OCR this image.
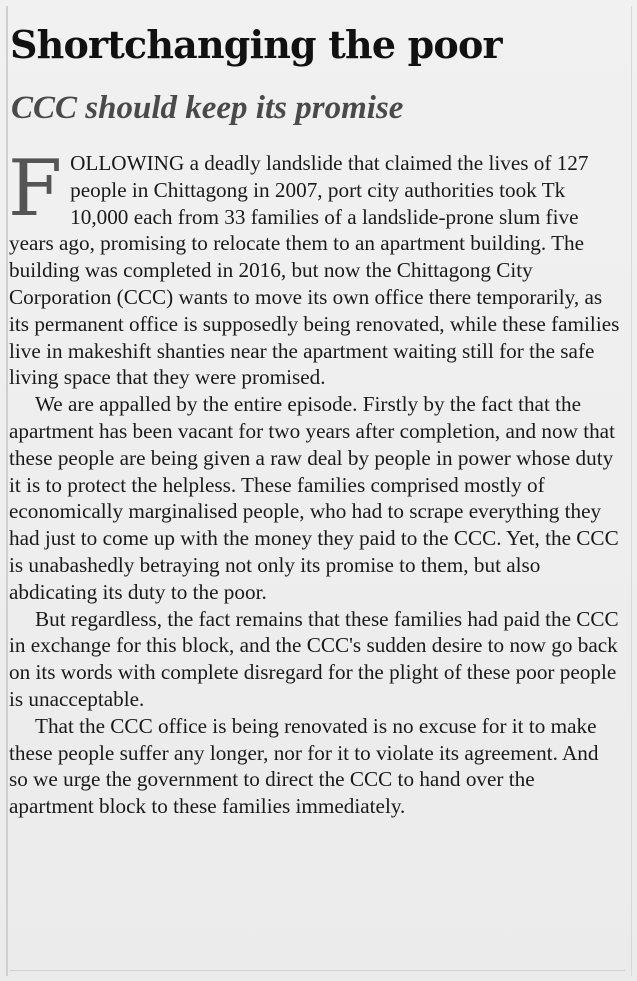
Shortchanging the poor
CCC should keep its promise

FOLLOWING a deadly landslide that claimed the lives of 127 people in Chittagong in 2007, port city authorities took Tk 10,000 each from 33 families of a landslide-prone slum five years ago, promising to relocate them to an apartment building. The building was completed in 2016, but now the Chittagong City Corporation (CCC) wants to move its own office there temporarily, as its permanent office is supposedly being renovated, while these families live in makeshift shanties near the apartment waiting still for the safe living space that they were promised.

We are appalled by the entire episode. Firstly by the fact that the apartment has been vacant for two years after completion, and now that these people are being given a raw deal by people in power whose duty it is to protect the helpless. These families comprised mostly of economically marginalised people, who had to scrape everything they had just to come up with the money they paid to the CCC. Yet, the CCC is unabashedly betraying not only its promise to them, but also abdicating its duty to the poor.

But regardless, the fact remains that these families had paid the CCC in exchange for this block, and the CCC's sudden desire to now go back on its words with complete disregard for the plight of these poor people is unacceptable.

That the CCC office is being renovated is no excuse for it to make these people suffer any longer, nor for it to violate its agreement. And so we urge the government to direct the CCC to hand over the apartment block to these families immediately.
